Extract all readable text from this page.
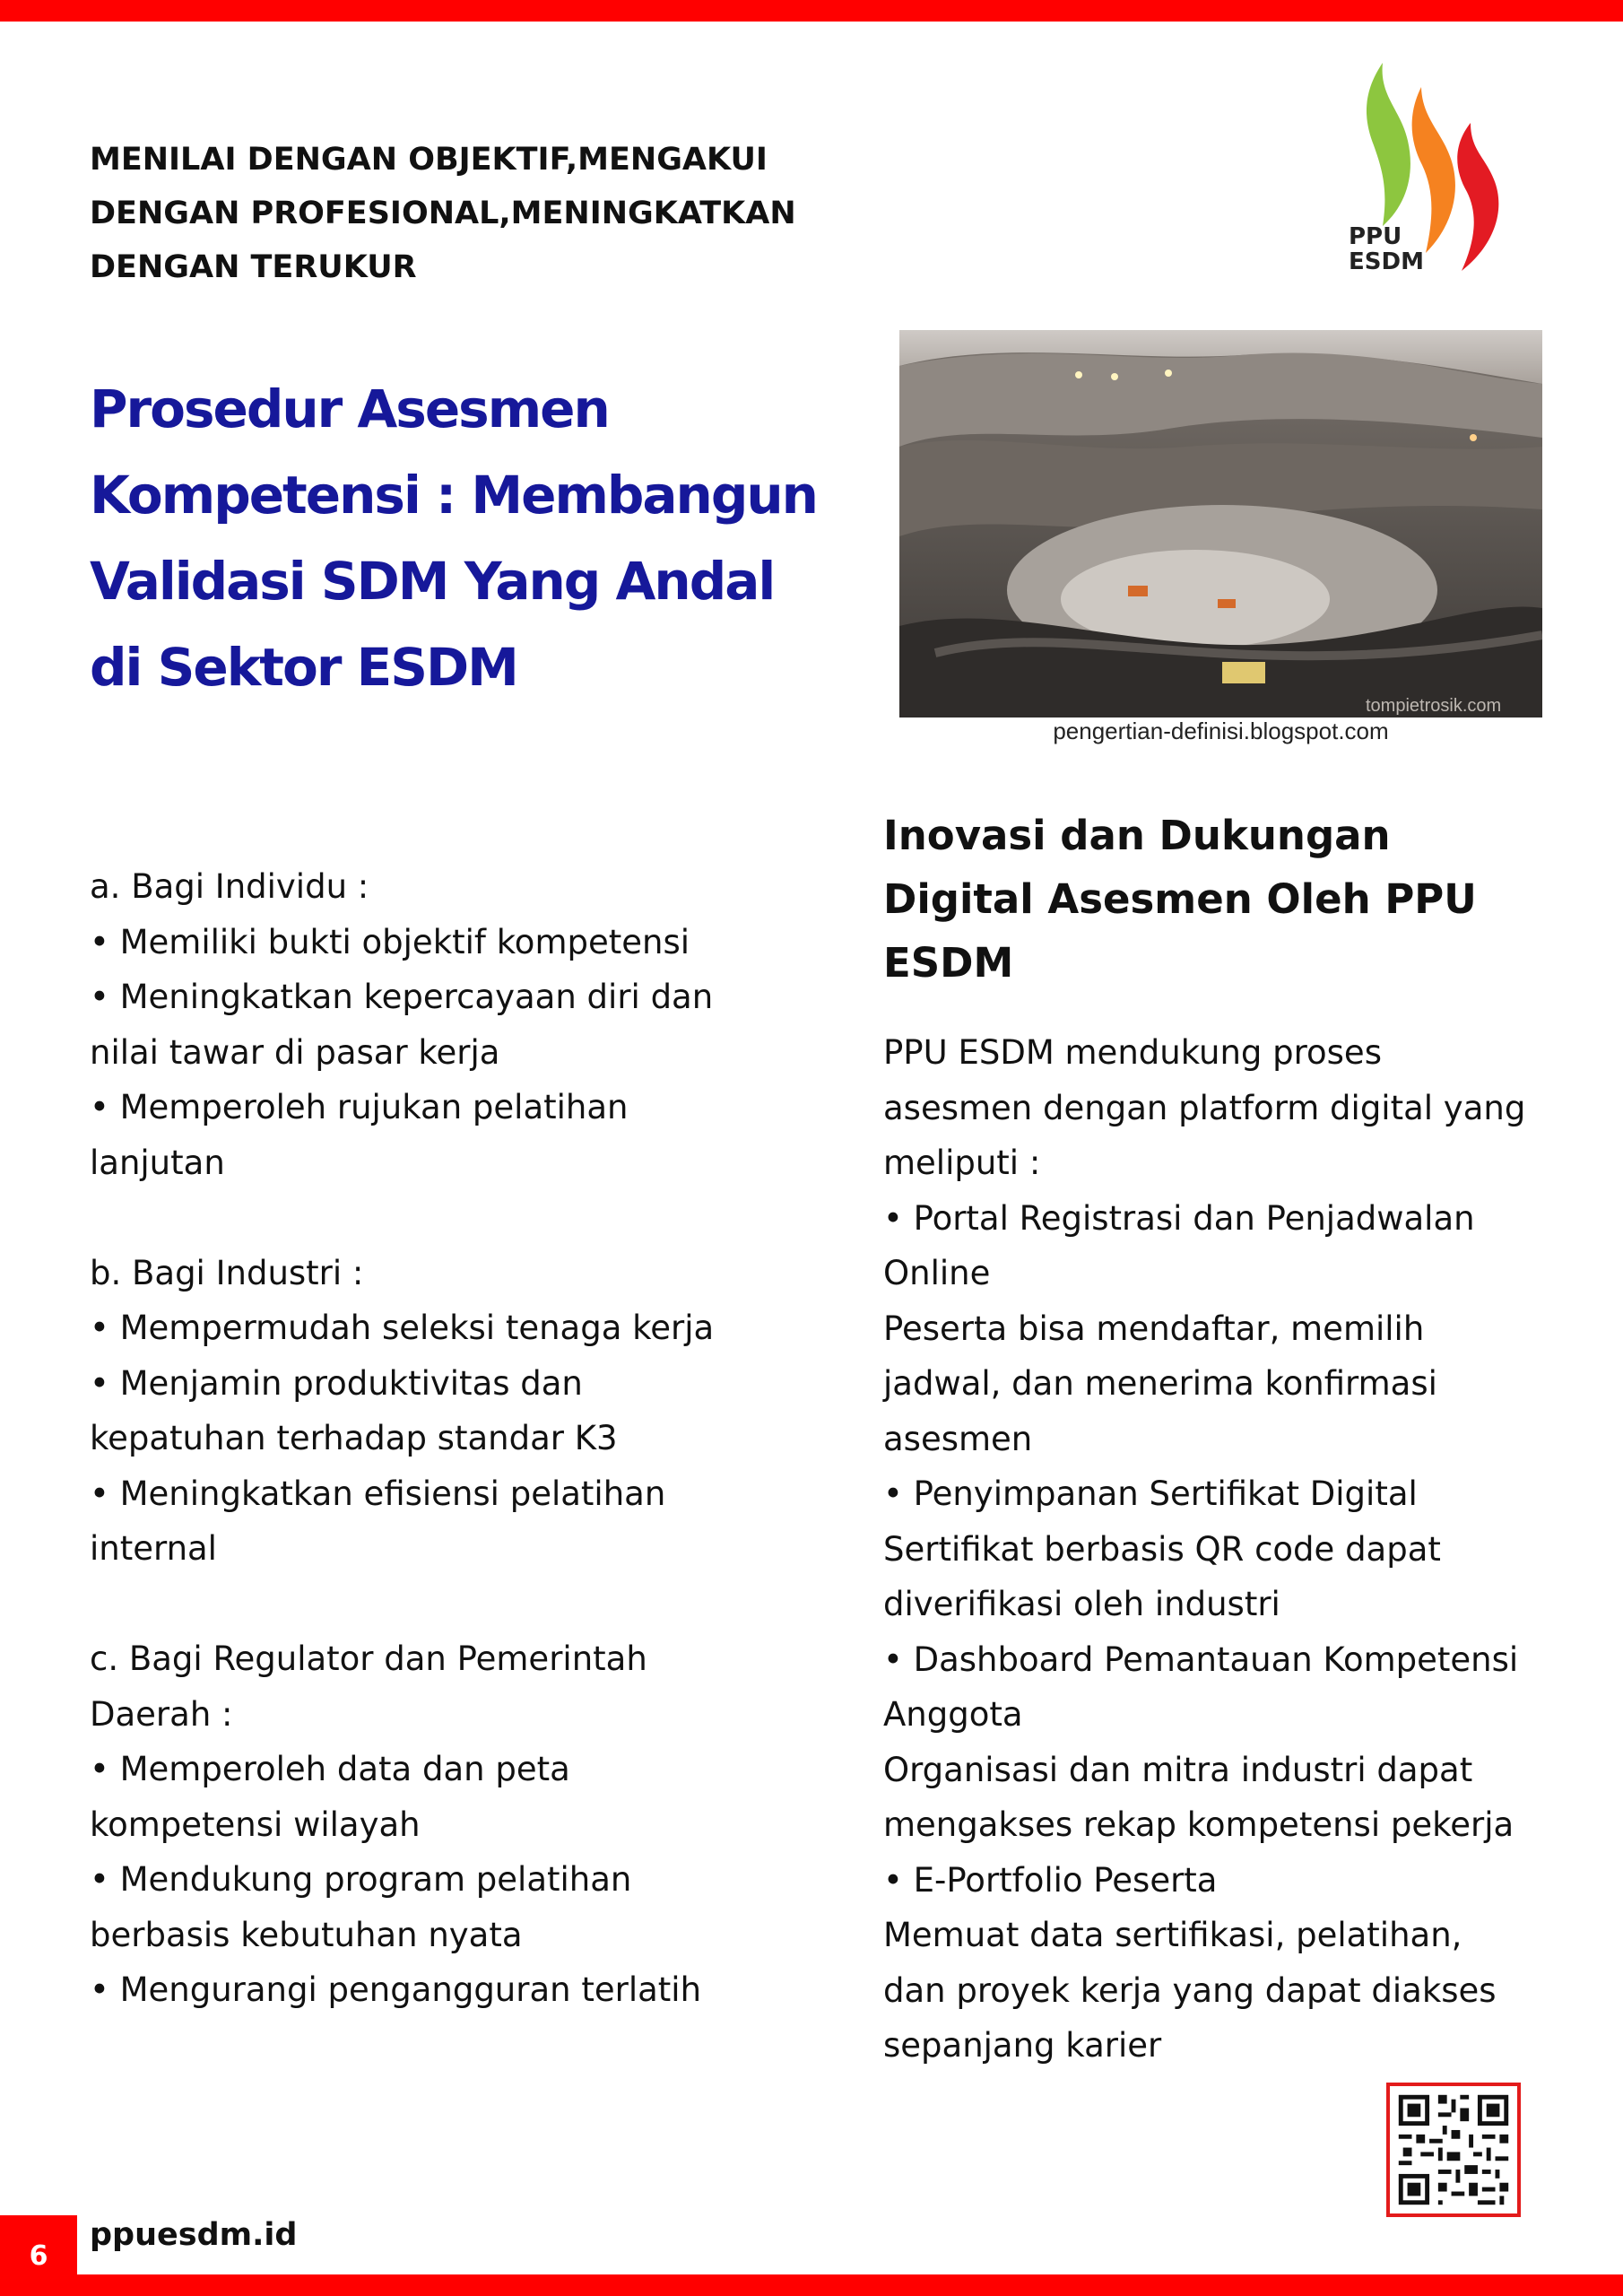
MENILAI DENGAN OBJEKTIF,MENGAKUI
DENGAN PROFESIONAL,MENINGKATKAN
DENGAN TERUKUR
PPU
ESDM
Prosedur Asesmen
Kompetensi : Membangun
Validasi SDM Yang Andal
di Sektor ESDM
tompietrosik.com
pengertian-definisi.blogspot.com
a. Bagi Individu :
• Memiliki bukti objektif kompetensi
• Meningkatkan kepercayaan diri dan
nilai tawar di pasar kerja
• Memperoleh rujukan pelatihan
lanjutan

b. Bagi Industri :
• Mempermudah seleksi tenaga kerja
• Menjamin produktivitas dan
kepatuhan terhadap standar K3
• Meningkatkan efisiensi pelatihan
internal

c. Bagi Regulator dan Pemerintah
Daerah :
• Memperoleh data dan peta
kompetensi wilayah
• Mendukung program pelatihan
berbasis kebutuhan nyata
• Mengurangi pengangguran terlatih
Inovasi dan Dukungan
Digital Asesmen Oleh PPU
ESDM
PPU ESDM mendukung proses
asesmen dengan platform digital yang
meliputi :
• Portal Registrasi dan Penjadwalan
Online
Peserta bisa mendaftar, memilih
jadwal, dan menerima konfirmasi
asesmen
• Penyimpanan Sertifikat Digital
Sertifikat berbasis QR code dapat
diverifikasi oleh industri
• Dashboard Pemantauan Kompetensi
Anggota
Organisasi dan mitra industri dapat
mengakses rekap kompetensi pekerja
• E-Portfolio Peserta
Memuat data sertifikasi, pelatihan,
dan proyek kerja yang dapat diakses
sepanjang karier
6
ppuesdm.id
